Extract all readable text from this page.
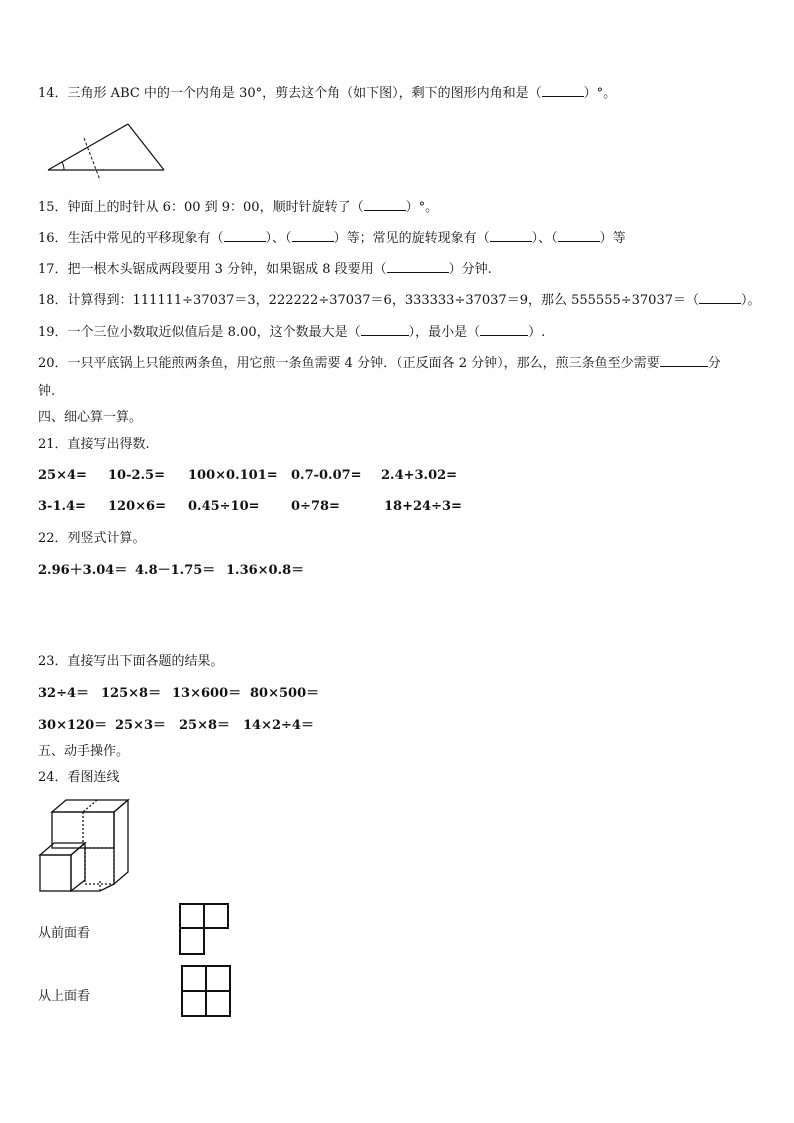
14．三角形 ABC 中的一个内角是 30°，剪去这个角（如下图），剩下的图形内角和是（	）°。
15．钟面上的时针从 6：00 到 9：00，顺时针旋转了（	）°。
16．生活中常见的平移现象有（	）、（	）等；常见的旋转现象有（	）、（	）等
17．把一根木头锯成两段要用 3 分钟，如果锯成 8 段要用（	）分钟.
18．计算得到：111111÷37037＝3，222222÷37037＝6，333333÷37037＝9，那么 555555÷37037＝（	）。
19．一个三位小数取近似值后是 8.00，这个数最大是（	），最小是（	）.
20．一只平底锅上只能煎两条鱼，用它煎一条鱼需要 4 分钟．（正反面各 2 分钟），那么，煎三条鱼至少需要	分
钟.
四、细心算一算。
21．直接写出得数.
25×4= 10-2.5= 100×0.101= 0.7-0.07= 2.4+3.02=
3-1.4= 120×6= 0.45÷10= 0÷78=	18+24÷3=
22．列竖式计算。
2.96＋3.04＝ 4.8－1.75＝ 1.36×0.8＝
23．直接写出下面各题的结果。
32÷4＝ 125×8＝ 13×600＝ 80×500＝
30×120＝ 25×3＝ 25×8＝ 14×2÷4＝
五、动手操作。
24．看图连线
从前面看
从上面看
